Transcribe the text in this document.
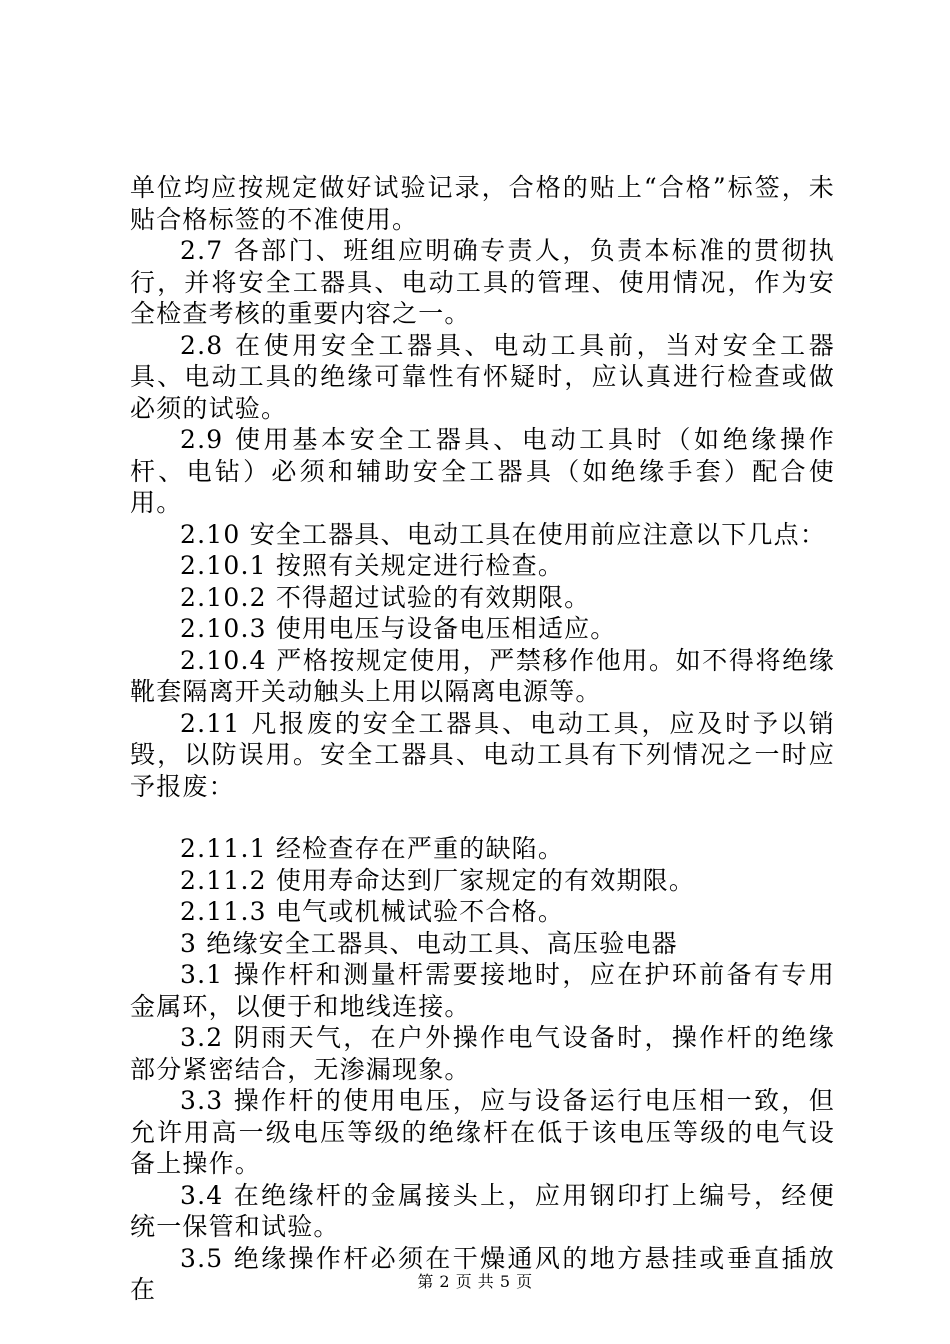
单位均应按规定做好试验记录，合格的贴上“合格”标签，未贴合格标签的不准使用。

2.7 各部门、班组应明确专责人，负责本标准的贯彻执行，并将安全工器具、电动工具的管理、使用情况，作为安全检查考核的重要内容之一。

2.8 在使用安全工器具、电动工具前，当对安全工器具、电动工具的绝缘可靠性有怀疑时，应认真进行检查或做必须的试验。

2.9 使用基本安全工器具、电动工具时（如绝缘操作杆、电钻）必须和辅助安全工器具（如绝缘手套）配合使用。

2.10 安全工器具、电动工具在使用前应注意以下几点：

2.10.1 按照有关规定进行检查。

2.10.2 不得超过试验的有效期限。

2.10.3 使用电压与设备电压相适应。

2.10.4 严格按规定使用，严禁移作他用。如不得将绝缘靴套隔离开关动触头上用以隔离电源等。

2.11 凡报废的安全工器具、电动工具，应及时予以销毁，以防误用。安全工器具、电动工具有下列情况之一时应予报废：

2.11.1 经检查存在严重的缺陷。

2.11.2 使用寿命达到厂家规定的有效期限。

2.11.3 电气或机械试验不合格。

3 绝缘安全工器具、电动工具、高压验电器

3.1 操作杆和测量杆需要接地时，应在护环前备有专用金属环，以便于和地线连接。

3.2 阴雨天气，在户外操作电气设备时，操作杆的绝缘部分紧密结合，无渗漏现象。

3.3 操作杆的使用电压，应与设备运行电压相一致，但允许用高一级电压等级的绝缘杆在低于该电压等级的电气设备上操作。

3.4 在绝缘杆的金属接头上，应用钢印打上编号，经便统一保管和试验。

3.5 绝缘操作杆必须在干燥通风的地方悬挂或垂直插放在	第 2 页 共 5 页
